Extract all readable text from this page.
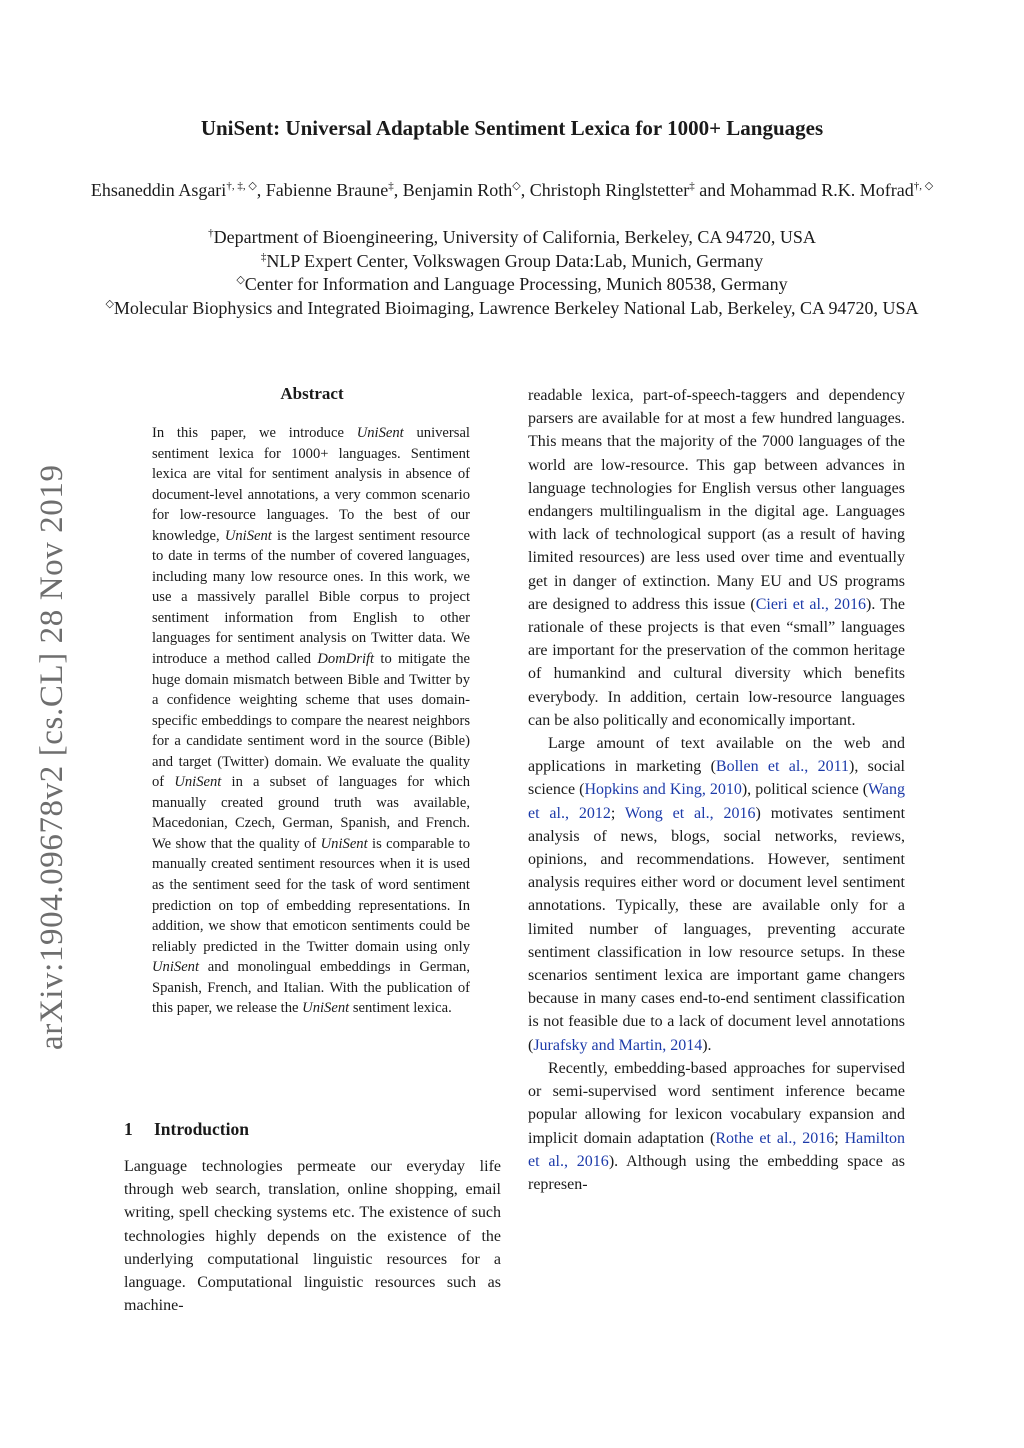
UniSent: Universal Adaptable Sentiment Lexica for 1000+ Languages
Ehsaneddin Asgari†, ‡, ◇, Fabienne Braune‡, Benjamin Roth◇, Christoph Ringlstetter‡ and Mohammad R.K. Mofrad†, ◇
†Department of Bioengineering, University of California, Berkeley, CA 94720, USA
‡NLP Expert Center, Volkswagen Group Data:Lab, Munich, Germany
◇Center for Information and Language Processing, Munich 80538, Germany
◇Molecular Biophysics and Integrated Bioimaging, Lawrence Berkeley National Lab, Berkeley, CA 94720, USA
arXiv:1904.09678v2 [cs.CL] 28 Nov 2019
Abstract

In this paper, we introduce UniSent universal sentiment lexica for 1000+ languages. Sentiment lexica are vital for sentiment analysis in absence of document-level annotations, a very common scenario for low-resource languages. To the best of our knowledge, UniSent is the largest sentiment resource to date in terms of the number of covered languages, including many low resource ones. In this work, we use a massively parallel Bible corpus to project sentiment information from English to other languages for sentiment analysis on Twitter data. We introduce a method called DomDrift to mitigate the huge domain mismatch between Bible and Twitter by a confidence weighting scheme that uses domain-specific embeddings to compare the nearest neighbors for a candidate sentiment word in the source (Bible) and target (Twitter) domain. We evaluate the quality of UniSent in a subset of languages for which manually created ground truth was available, Macedonian, Czech, German, Spanish, and French. We show that the quality of UniSent is comparable to manually created sentiment resources when it is used as the sentiment seed for the task of word sentiment prediction on top of embedding representations. In addition, we show that emoticon sentiments could be reliably predicted in the Twitter domain using only UniSent and monolingual embeddings in German, Spanish, French, and Italian. With the publication of this paper, we release the UniSent sentiment lexica.

1 Introduction

Language technologies permeate our everyday life through web search, translation, online shopping, email writing, spell checking systems etc. The existence of such technologies highly depends on the existence of the underlying computational linguistic resources for a language. Computational linguistic resources such as machine-

readable lexica, part-of-speech-taggers and dependency parsers are available for at most a few hundred languages. This means that the majority of the 7000 languages of the world are low-resource. This gap between advances in language technologies for English versus other languages endangers multilingualism in the digital age. Languages with lack of technological support (as a result of having limited resources) are less used over time and eventually get in danger of extinction. Many EU and US programs are designed to address this issue (Cieri et al., 2016). The rationale of these projects is that even “small” languages are important for the preservation of the common heritage of humankind and cultural diversity which benefits everybody. In addition, certain low-resource languages can be also politically and economically important.

Large amount of text available on the web and applications in marketing (Bollen et al., 2011), social science (Hopkins and King, 2010), political science (Wang et al., 2012; Wong et al., 2016) motivates sentiment analysis of news, blogs, social networks, reviews, opinions, and recommendations. However, sentiment analysis requires either word or document level sentiment annotations. Typically, these are available only for a limited number of languages, preventing accurate sentiment classification in low resource setups. In these scenarios sentiment lexica are important game changers because in many cases end-to-end sentiment classification is not feasible due to a lack of document level annotations (Jurafsky and Martin, 2014).

Recently, embedding-based approaches for supervised or semi-supervised word sentiment inference became popular allowing for lexicon vocabulary expansion and implicit domain adaptation (Rothe et al., 2016; Hamilton et al., 2016). Although using the embedding space as represen-
